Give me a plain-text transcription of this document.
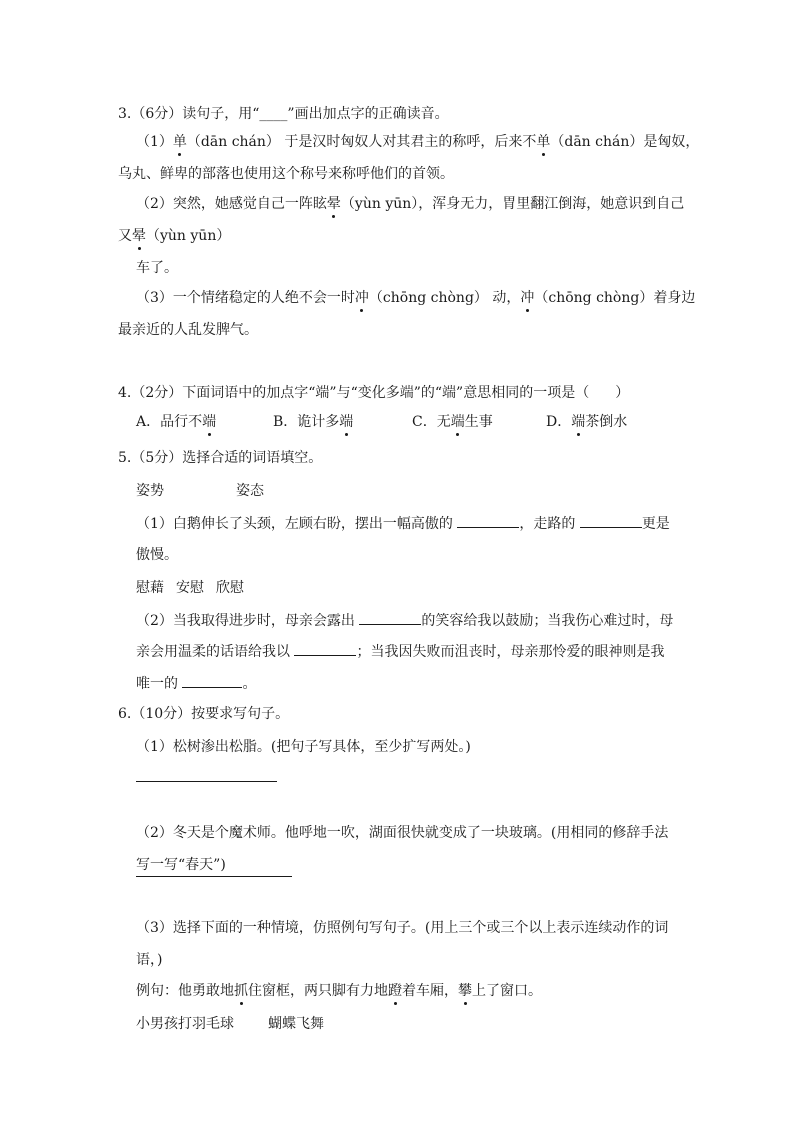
3.（6分）读句子，用“____”画出加点字的正确读音。
（1）单（dān chán） 于是汉时匈奴人对其君主的称呼，后来不单（dān chán）是匈奴，
乌丸、鲜卑的部落也使用这个称号来称呼他们的首领。
（2）突然，她感觉自己一阵眩晕（yùn yūn），浑身无力，胃里翻江倒海，她意识到自己
又晕（yùn yūn）
车了。
（3）一个情绪稳定的人绝不会一时冲（chōng chòng） 动，冲（chōng chòng）着身边
最亲近的人乱发脾气。
4.（2分）下面词语中的加点字“端”与“变化多端”的“端”意思相同的一项是（ ）
A．品行不端	B．诡计多端	C．无端生事	D．端茶倒水
5.（5分）选择合适的词语填空。
姿势	姿态
（1）白鹅伸长了头颈，左顾右盼，摆出一幅高傲的	，走路的	更是
傲慢。
慰藉 安慰 欣慰
（2）当我取得进步时，母亲会露出	的笑容给我以鼓励；当我伤心难过时，母
亲会用温柔的话语给我以	；当我因失败而沮丧时，母亲那怜爱的眼神则是我
唯一的	。
6.（10分）按要求写句子。
（1）松树渗出松脂。(把句子写具体，至少扩写两处。)
（2）冬天是个魔术师。他呼地一吹，湖面很快就变成了一块玻璃。(用相同的修辞手法
写一写“春天”)
（3）选择下面的一种情境，仿照例句写句子。(用上三个或三个以上表示连续动作的词
语，)
例句：他勇敢地抓住窗框，两只脚有力地蹬着车厢，攀上了窗口。
小男孩打羽毛球 蝴蝶飞舞
